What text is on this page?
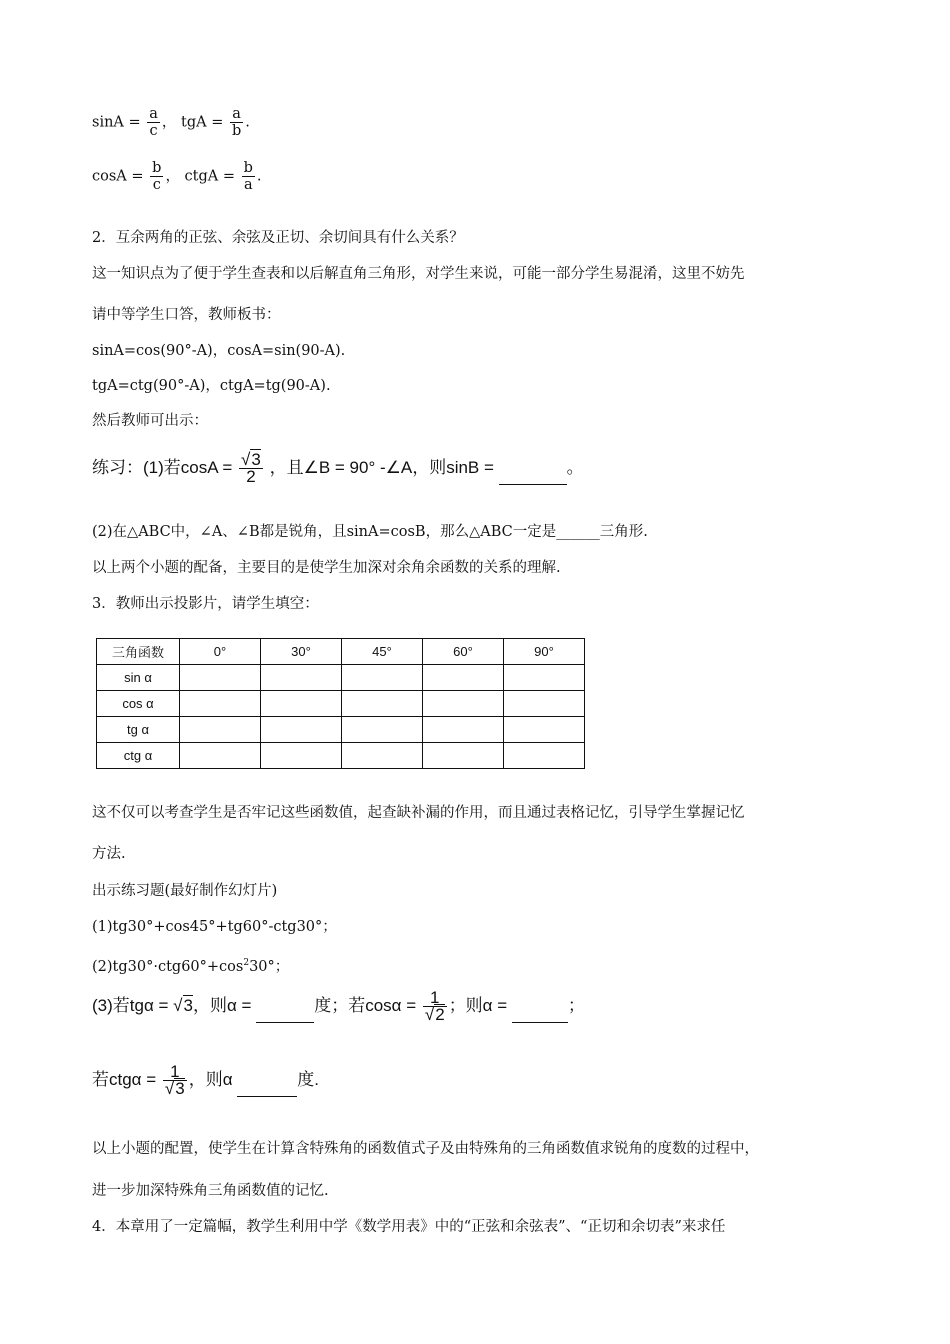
$\sin A = \frac{a}{c}$ ， tgA = $\frac{a}{b}$ .
$\cos A = \frac{b}{c}$ ， ctgA = $\frac{b}{a}$ .
2．互余两角的正弦、余弦及正切、余切间具有什么关系？
这一知识点为了便于学生查表和以后解直角三角形，对学生来说，可能一部分学生易混淆，这里不妨先
请中等学生口答，教师板书：
sinA=cos(90°-A)，cosA=sin(90-A).
tgA=ctg(90°-A)，ctgA=tg(90-A).
然后教师可出示：
练习：(1)若$\cos A = \frac{√3}{2}$ ，且∠B = 90° -∠A，则sinB =	。
(2)在△ABC中，∠A、∠B都是锐角，且sinA=cosB，那么△ABC一定是______三角形.
以上两个小题的配备，主要目的是使学生加深对余角余函数的关系的理解.
3．教师出示投影片，请学生填空：
三角函数	0°	30°	45°	60°	90°
sin α					
cos α					
tg α					
ctg α					
这不仅可以考查学生是否牢记这些函数值，起查缺补漏的作用，而且通过表格记忆，引导学生掌握记忆
方法.
出示练习题(最好制作幻灯片)
(1)tg30°+cos45°+tg60°-ctg30°；
$(2)tg30^\circ\cdot ctg60^\circ+\cos^230^\circ$；
(3)若tgα = √3，则α =	度；若$\cos\alpha = \frac{1}{√2}$ ；则α =	；
若$ctg\alpha = \frac{1}{√3}$ ，则α	度.
以上小题的配置，使学生在计算含特殊角的函数值式子及由特殊角的三角函数值求锐角的度数的过程中，
进一步加深特殊角三角函数值的记忆.
4．本章用了一定篇幅，教学生利用中学《数学用表》中的“正弦和余弦表”、“正切和余切表”来求任
